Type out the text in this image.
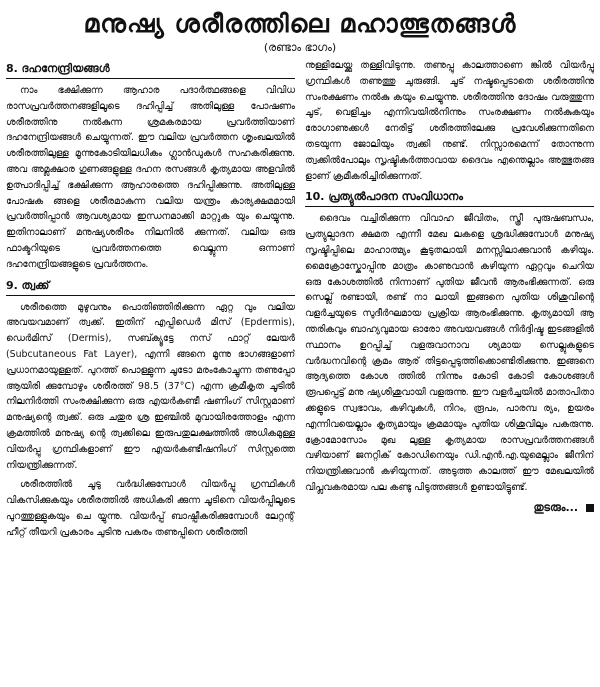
മനുഷ്യ ശരീരത്തിലെ മഹാത്ഭുതങ്ങൾ
(രണ്ടാം ഭാഗം)
8. ദഹനേന്ദ്രിയങ്ങൾ

നാം ഭക്ഷിക്കുന്ന ആഹാര പദാർത്ഥങ്ങളെ വിവിധ രാസപ്രവർത്തനങ്ങളിലൂടെ ദഹിപ്പിച്ച് അതിലുള്ള പോഷണം ശരീരത്തിനു നൽകുന്ന ശ്രമകരമായ പ്രവർത്തിയാണ് ദഹനേന്ദ്രിയങ്ങൾ ചെയ്യുന്നത്. ഈ വലിയ പ്രവർത്തന ശൃംഖലയിൽ ശരീരത്തിലുള്ള മൂന്നുകോടിയിലധികം ഗ്ലാൻഡുകൾ സഹകരിക്കുന്നു. അവ അമ്ലക്ഷാര ഗുണങ്ങളുള്ള ദഹന രസങ്ങൾ കൃത്യമായ അളവിൽ ഉത്പാദിപ്പിച്ച് ഭക്ഷിക്കുന്ന ആഹാരത്തെ ദഹിപ്പിക്കുന്നു. അതിലുള്ള പോഷക ങ്ങളെ ശരീരമാകുന്ന വലിയ യന്ത്രം കാര്യക്ഷമമായി പ്രവർത്തിപ്പാൻ ആവശ്യമായ ഇന്ധനമാക്കി മാറ്റുക യും ചെയ്യുന്നു. ഇതിനാലാണ് മനുഷ്യശരീരം നിലനിൽ ക്കുന്നത്. വലിയ ഒരു ഫാക്ടറിയുടെ പ്രവർത്തനത്തെ വെല്ലുന്ന ഒന്നാണ് ദഹനേന്ദ്രിയങ്ങളുടെ പ്രവർത്തനം.

9. ത്വക്ക്

ശരീരത്തെ മുഴുവനും പൊതിഞ്ഞിരിക്കുന്ന ഏറ്റ വും വലിയ അവയവമാണ് ത്വക്ക്. ഇതിന് എപ്പിഡെർ മിസ് (Epdermis), ഡെർമിസ് (Dermis), സബ്ക്യൂട്ടേ നസ് ഫാറ്റ് ലേയർ (Subcutaneous Fat Layer), എന്നി ങ്ങനെ മൂന്നു ഭാഗങ്ങളാണ് പ്രധാനമായുള്ളത്. പുറത്ത് പൊള്ളുന്ന ചൂടോ മരംകോച്ചുന്ന തണുപ്പോ ആയിരി ക്കുമ്പോഴും ശരീരത്ത് 98.5 (37°C) എന്ന ക്രമീകൃത ചൂടിൽ നിലനിർത്തി സംരക്ഷിക്കുന്ന ഒരു എയർകണ്ടീ ഷണിംഗ് സിസ്റ്റമാണ് മനുഷ്യന്റെ ത്വക്ക്. ഒരു ചതുര ശ്ര ഇഞ്ചിൽ മുവായിരത്തോളം എന്ന ക്രമത്തിൽ മനുഷ്യ ന്റെ ത്വക്കിലെ ഇരുപതുലക്ഷത്തിൽ അധികമുള്ള വിയർപ്പു ഗ്രന്ഥികളാണ് ഈ എയർകണ്ടീഷനിംഗ് സിസ്റ്റത്തെ നിയന്ത്രിക്കുന്നത്.

ശരീരത്തിൽ ചൂടു വർദ്ധിക്കുമ്പോൾ വിയർപ്പു ഗ്രന്ഥികൾ വികസിക്കുകയും ശരീരത്തിൽ അധികരി ക്കുന്ന ചൂടിനെ വിയർപ്പിലൂടെ പുറത്തുള്ളുകയും ചെ യ്യുന്നു. വിയർപ്പ് ബാഷ്പീകരിക്കുമ്പോൾ ലേറ്റന്റ് ഹീറ്റ് തീയറി പ്രകാരം ചുടിനു പകരം തണുപ്പിനെ ശരീരത്തി

നുള്ളിലേയ്ക്കു തള്ളിവിടുന്നു. തണുപ്പു കാലത്താണെ ങ്കിൽ വിയർപ്പു ഗ്രന്ഥികൾ തണുത്തു ചുരുങ്ങി. ചൂട് നഷ്ടപ്പെടാതെ ശരീരത്തിനു സംരക്ഷണം നൽകു കയും ചെയ്യുന്നു. ശരീരത്തിനു ദോഷം വരുത്തുന്ന ചൂട്, വെളിച്ചം എന്നിവയിൽനിന്നും സംരക്ഷണം നൽകുകയും രോഗാണുക്കൾ നേരിട്ട് ശരീരത്തിലേക്കു പ്രവേശിക്കുന്നതിനെ തടയുന്ന ജോലിയും ത്വക്കി നുണ്ട്. നിസ്സാരമെന്ന് തോന്നുന്ന ത്വക്കിൽപോലും സൃഷ്ടികർത്താവായ ദൈവം എന്തെല്ലാം അത്ഭുതങ്ങ ളാണ് ക്രമീകരിച്ചിരിക്കുന്നത്.

10. പ്രത്യുൽപാദന സംവിധാനം

ദൈവം വച്ചിരിക്കുന്ന വിവാഹ ജീവിതം, സ്ത്രീ പുരുഷബന്ധം, പ്രത്യുല്പാദന ക്ഷമത എന്നീ മേഖ ലകളെ ശ്രദ്ധിക്കുമ്പോൾ മനുഷ്യ സൃഷ്ടിപ്പിലെ മാഹാത്മ്യം കൂടുതലായി മനസ്സിലാക്കുവാൻ കഴിയും. മൈക്രോസ്കോപ്പിനു മാത്രം കാണുവാൻ കഴിയുന്ന ഏറ്റവും ചെറിയ ഒരു കോശത്തിൽ നിന്നാണ് പുതിയ ജീവൻ ആരംഭിക്കുന്നത്. ഒരു സെല്ല് രണ്ടായി, രണ്ട് നാ ലായി ഇങ്ങനെ പുതിയ ശിശുവിന്റെ വളർച്ചയുടെ സുദീർഘമായ പ്രക്രിയ ആരംഭിക്കുന്നു. കൃത്യമായി ആ ന്തരികവും ബാഹ്യവുമായ ഓരോ അവയവങ്ങൾ നിർദ്ദിഷ്ട ഇടങ്ങളിൽ സ്ഥാനം ഉറപ്പിച്ച് വളരുവാനാവ ശ്യമായ സെല്ലുകളുടെ വർദ്ധനവിന്റെ ക്രമം ആര് തിട്ടപ്പെടുത്തിക്കൊണ്ടിരിക്കുന്നു. ഇങ്ങനെ ആദ്യത്തെ കോശ ത്തിൽ നിന്നും കോടി കോടി കോശങ്ങൾ രൂപപ്പെട്ട് മനു ഷ്യശിശുവായി വളരുന്നു. ഈ വളർച്ചയിൽ മാതാപിതാ ക്കളുടെ സ്വഭാവം, കഴിവുകൾ, നിറം, രൂപം, പാരമ്പ ര്യം, ഉയരം എന്നിവയെല്ലാം കൃത്യമായും ക്രമമായും പുതിയ ശിശുവിലും പകരുന്നു. ക്രോമോസോം മുഖ ലുള്ള കൃത്യമായ രാസപ്രവർത്തനങ്ങൾ വഴിയാണ് ജനറ്റിക് കോഡിനെയും ഡി.എൻ.എ.യുമെല്ലാം ജീനിന് നിയന്ത്രിക്കുവാൻ കഴിയുന്നത്. അടുത്ത കാലത്ത് ഈ മേഖലയിൽ വിപ്ലവകരമായ പല കണ്ടു പിടുത്തങ്ങൾ ഉണ്ടായിട്ടുണ്ട്.

തുടരും...
